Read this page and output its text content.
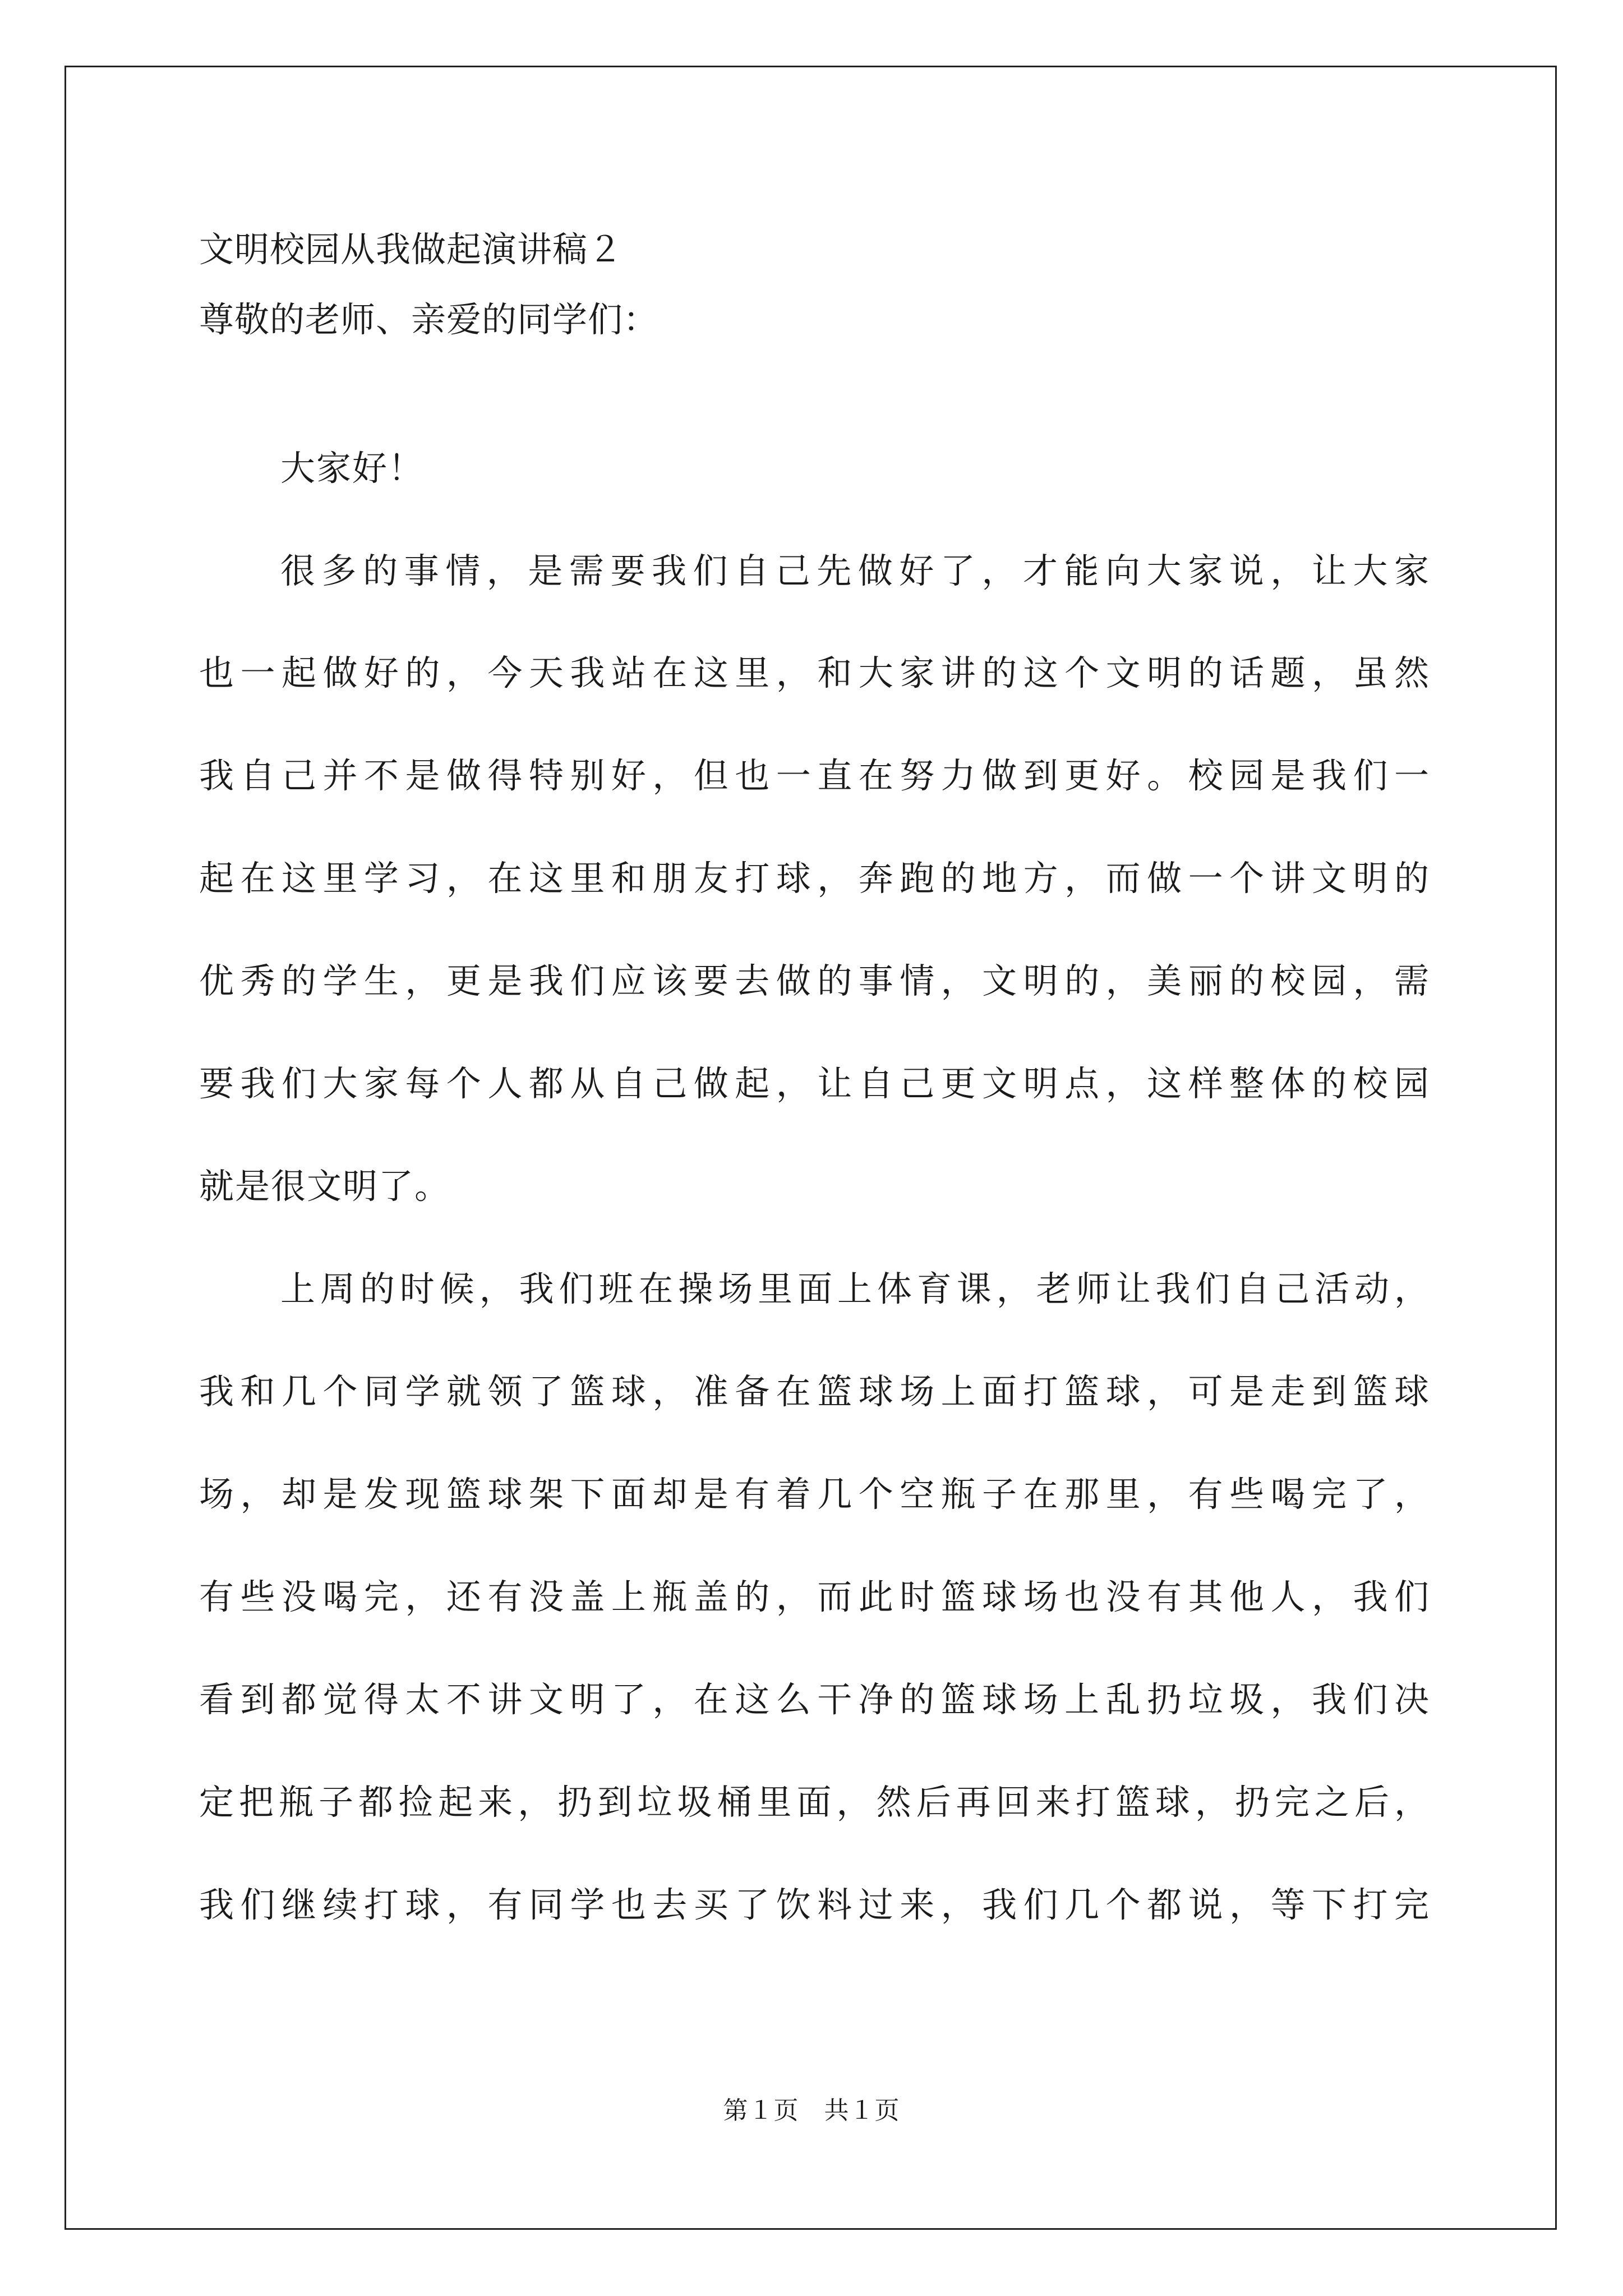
文明校园从我做起演讲稿２
尊敬的老师、亲爱的同学们：
大家好！
很多的事情，是需要我们自己先做好了，才能向大家说，让大家
也一起做好的，今天我站在这里，和大家讲的这个文明的话题，虽然
我自己并不是做得特别好，但也一直在努力做到更好。校园是我们一
起在这里学习，在这里和朋友打球，奔跑的地方，而做一个讲文明的
优秀的学生，更是我们应该要去做的事情，文明的，美丽的校园，需
要我们大家每个人都从自己做起，让自己更文明点，这样整体的校园
就是很文明了。
上周的时候，我们班在操场里面上体育课，老师让我们自己活动，
我和几个同学就领了篮球，准备在篮球场上面打篮球，可是走到篮球
场，却是发现篮球架下面却是有着几个空瓶子在那里，有些喝完了，
有些没喝完，还有没盖上瓶盖的，而此时篮球场也没有其他人，我们
看到都觉得太不讲文明了，在这么干净的篮球场上乱扔垃圾，我们决
定把瓶子都捡起来，扔到垃圾桶里面，然后再回来打篮球，扔完之后，
我们继续打球，有同学也去买了饮料过来，我们几个都说，等下打完
第１页　共１页
